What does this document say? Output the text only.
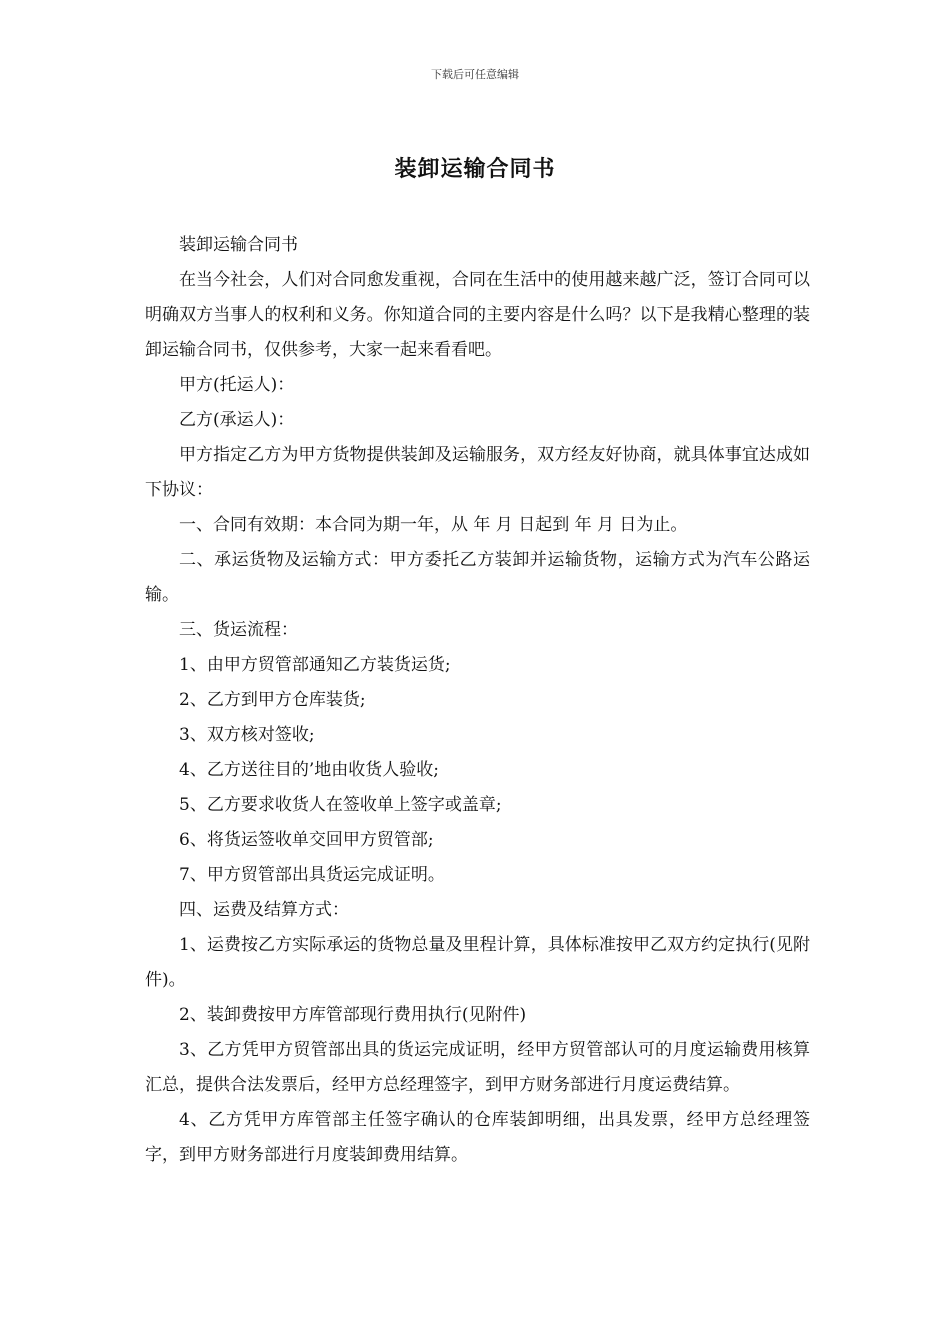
下载后可任意编辑
装卸运输合同书

装卸运输合同书

在当今社会，人们对合同愈发重视，合同在生活中的使用越来越广泛，签订合同可以明确双方当事人的权利和义务。你知道合同的主要内容是什么吗？以下是我精心整理的装卸运输合同书，仅供参考，大家一起来看看吧。

甲方(托运人)：

乙方(承运人)：

甲方指定乙方为甲方货物提供装卸及运输服务，双方经友好协商，就具体事宜达成如下协议：

一、合同有效期：本合同为期一年，从 年 月 日起到 年 月 日为止。

二、承运货物及运输方式：甲方委托乙方装卸并运输货物，运输方式为汽车公路运输。

三、货运流程：

1、由甲方贸管部通知乙方装货运货;

2、乙方到甲方仓库装货;

3、双方核对签收;

4、乙方送往目的’地由收货人验收;

5、乙方要求收货人在签收单上签字或盖章;

6、将货运签收单交回甲方贸管部;

7、甲方贸管部出具货运完成证明。

四、运费及结算方式：

1、运费按乙方实际承运的货物总量及里程计算，具体标准按甲乙双方约定执行(见附件)。

2、装卸费按甲方库管部现行费用执行(见附件)

3、乙方凭甲方贸管部出具的货运完成证明，经甲方贸管部认可的月度运输费用核算汇总，提供合法发票后，经甲方总经理签字，到甲方财务部进行月度运费结算。

4、乙方凭甲方库管部主任签字确认的仓库装卸明细，出具发票，经甲方总经理签字，到甲方财务部进行月度装卸费用结算。
